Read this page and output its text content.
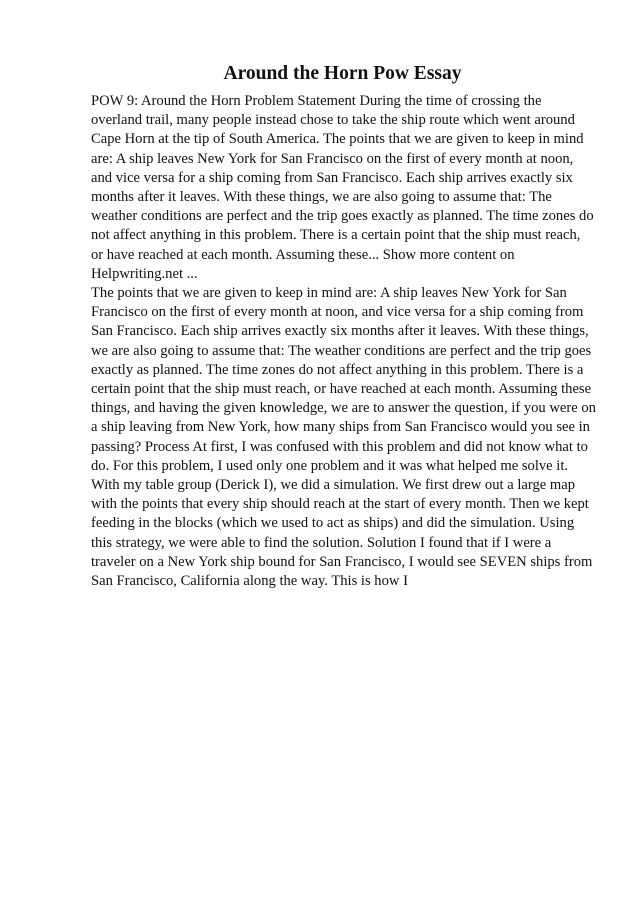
Around the Horn Pow Essay

POW 9: Around the Horn Problem Statement During the time of crossing the overland trail, many people instead chose to take the ship route which went around Cape Horn at the tip of South America. The points that we are given to keep in mind are: A ship leaves New York for San Francisco on the first of every month at noon, and vice versa for a ship coming from San Francisco. Each ship arrives exactly six months after it leaves. With these things, we are also going to assume that: The weather conditions are perfect and the trip goes exactly as planned. The time zones do not affect anything in this problem. There is a certain point that the ship must reach, or have reached at each month. Assuming these... Show more content on Helpwriting.net ...

The points that we are given to keep in mind are: A ship leaves New York for San Francisco on the first of every month at noon, and vice versa for a ship coming from San Francisco. Each ship arrives exactly six months after it leaves. With these things, we are also going to assume that: The weather conditions are perfect and the trip goes exactly as planned. The time zones do not affect anything in this problem. There is a certain point that the ship must reach, or have reached at each month. Assuming these things, and having the given knowledge, we are to answer the question, if you were on a ship leaving from New York, how many ships from San Francisco would you see in passing? Process At first, I was confused with this problem and did not know what to do. For this problem, I used only one problem and it was what helped me solve it. With my table group (Derick I), we did a simulation. We first drew out a large map with the points that every ship should reach at the start of every month. Then we kept feeding in the blocks (which we used to act as ships) and did the simulation. Using this strategy, we were able to find the solution. Solution I found that if I were a traveler on a New York ship bound for San Francisco, I would see SEVEN ships from San Francisco, California along the way. This is how I
